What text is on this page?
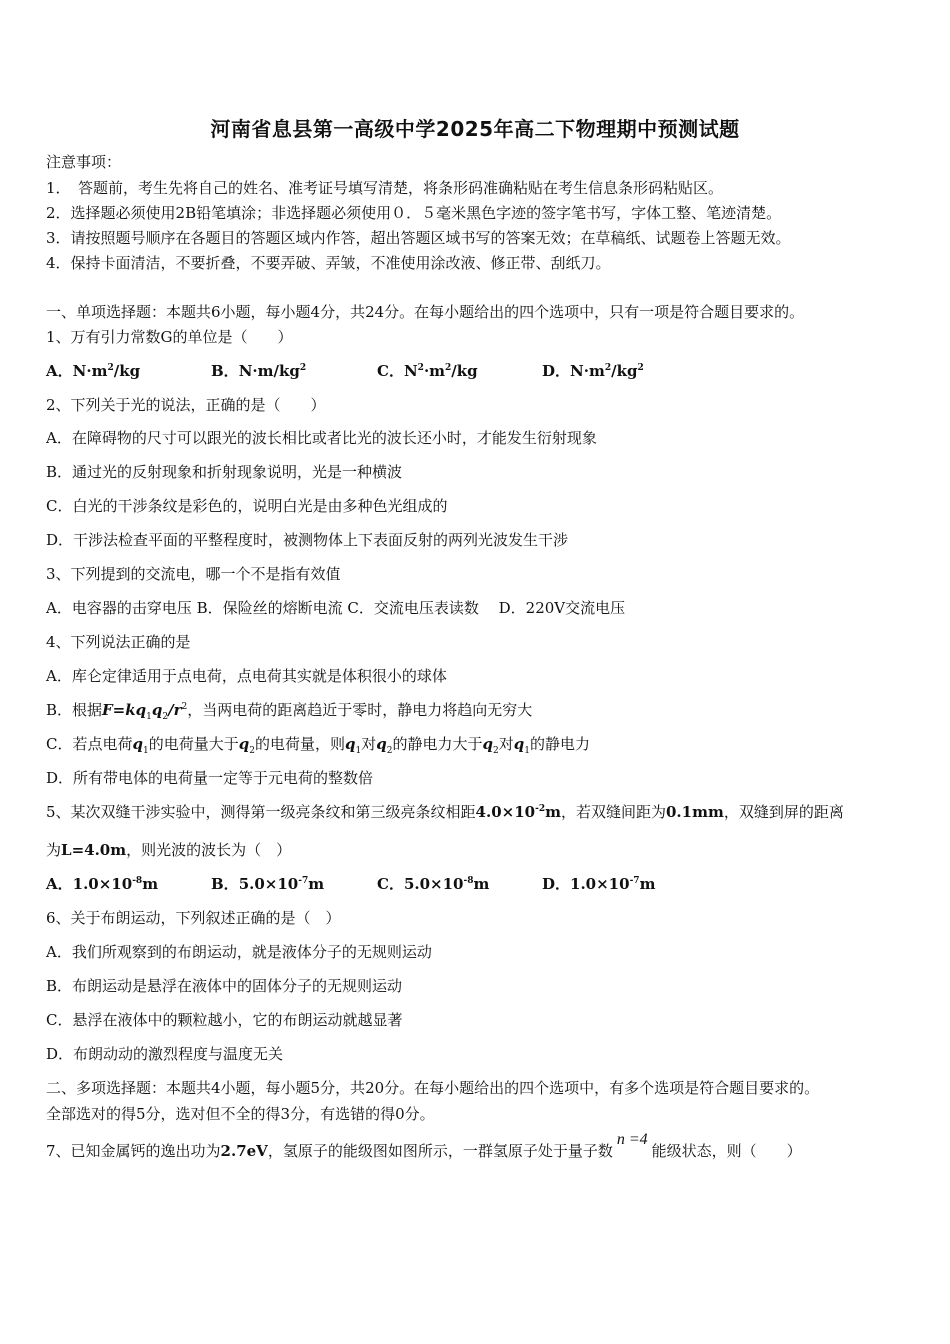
河南省息县第一高级中学2025年高二下物理期中预测试题
注意事项：
1．　答题前，考生先将自己的姓名、准考证号填写清楚，将条形码准确粘贴在考生信息条形码粘贴区。
2．选择题必须使用2B铅笔填涂；非选择题必须使用０．５毫米黑色字迹的签字笔书写，字体工整、笔迹清楚。
3．请按照题号顺序在各题目的答题区域内作答，超出答题区域书写的答案无效；在草稿纸、试题卷上答题无效。
4．保持卡面清洁，不要折叠，不要弄破、弄皱，不准使用涂改液、修正带、刮纸刀。
一、单项选择题：本题共6小题，每小题4分，共24分。在每小题给出的四个选项中，只有一项是符合题目要求的。
1、万有引力常数G的单位是（　　）
A．$N\cdot m^2/kg$	B．$N\cdot m/kg^2$	C．$N^2\cdot m^2/kg$	D．$N\cdot m^2/kg^2$
2、下列关于光的说法，正确的是（　　）
A．在障碍物的尺寸可以跟光的波长相比或者比光的波长还小时，才能发生衍射现象
B．通过光的反射现象和折射现象说明，光是一种横波
C．白光的干涉条纹是彩色的，说明白光是由多种色光组成的
D．干涉法检查平面的平整程度时，被测物体上下表面反射的两列光波发生干涉
3、下列提到的交流电，哪一个不是指有效值
A．电容器的击穿电压 B．保险丝的熔断电流 C．交流电压表读数　 D．220V交流电压
4、下列说法正确的是
A．库仑定律适用于点电荷，点电荷其实就是体积很小的球体
B．根据$F=kq_1q_2/r^2$，当两电荷的距离趋近于零时，静电力将趋向无穷大
C．若点电荷$q_1$的电荷量大于$q_2$的电荷量，则$q_1$对$q_2$的静电力大于$q_2$对$q_1$的静电力
D．所有带电体的电荷量一定等于元电荷的整数倍
5、某次双缝干涉实验中，测得第一级亮条纹和第三级亮条纹相距$4.0\times 10^{-2}m$，若双缝间距为0.1mm，双缝到屏的距离
为L=4.0m，则光波的波长为（　）
A．$1.0\times 10^{-8}m$	B．$5.0\times 10^{-7}m$	C．$5.0\times 10^{-8}m$	D．$1.0\times 10^{-7}m$
6、关于布朗运动，下列叙述正确的是（　）
A．我们所观察到的布朗运动，就是液体分子的无规则运动
B．布朗运动是悬浮在液体中的固体分子的无规则运动
C．悬浮在液体中的颗粒越小，它的布朗运动就越显著
D．布朗动动的激烈程度与温度无关
二、多项选择题：本题共4小题，每小题5分，共20分。在每小题给出的四个选项中，有多个选项是符合题目要求的。
全部选对的得5分，选对但不全的得3分，有选错的得0分。
7、已知金属钙的逸出功为2.7eV，氢原子的能级图如图所示，一群氢原子处于量子数n =4能级状态，则（　　）
